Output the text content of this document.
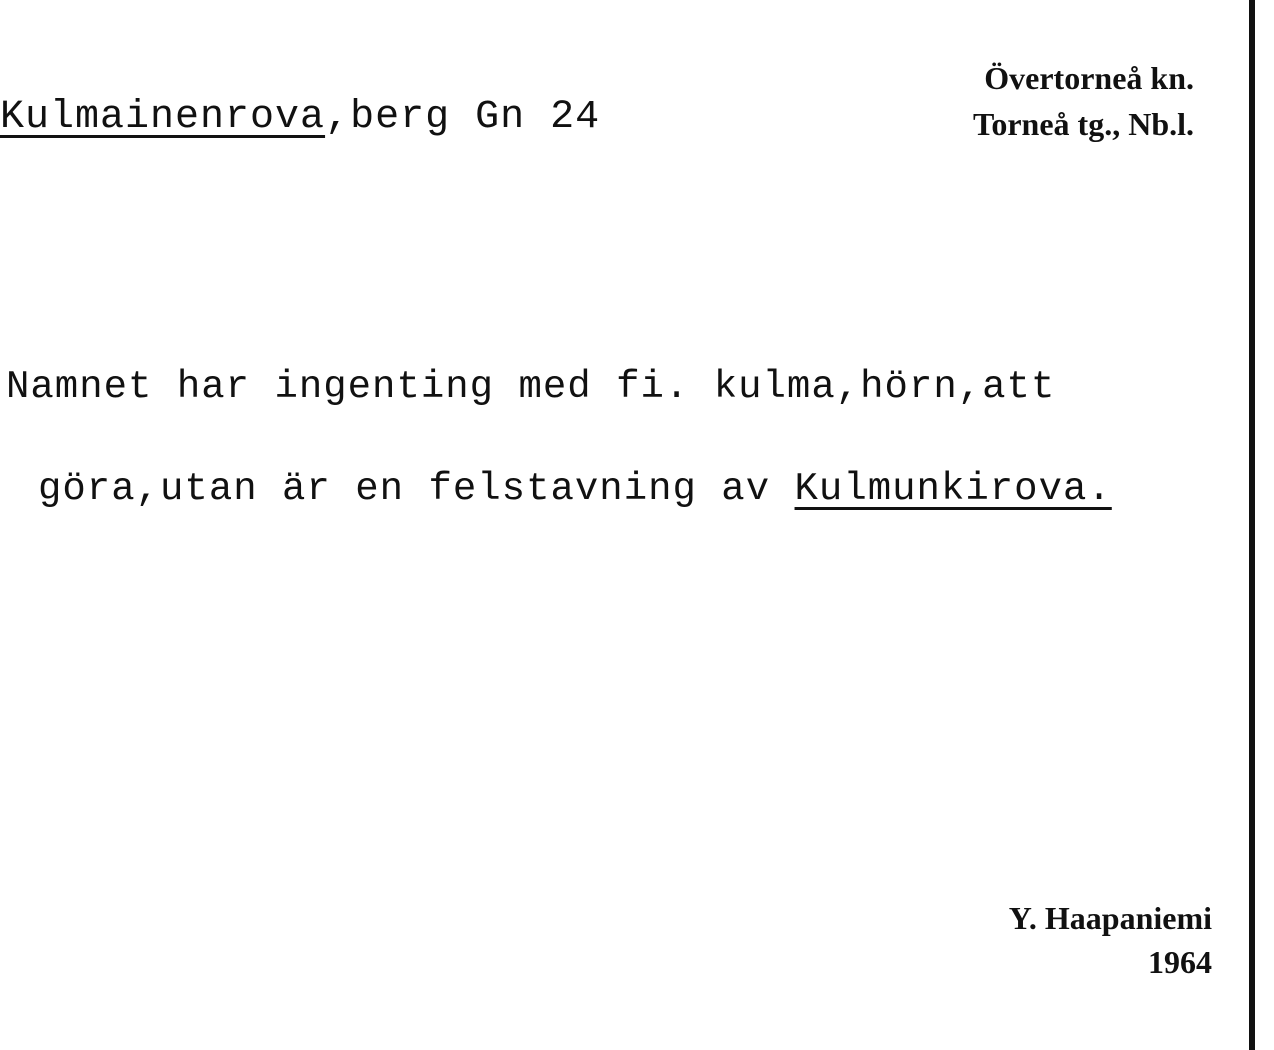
Kulmainenrova,berg Gn 24
Övertorneå kn.
Torneå tg., Nb.l.
Namnet har ingenting med fi. kulma,hörn,att
göra,utan är en felstavning av Kulmunkirova.
Y. Haapaniemi
1964
